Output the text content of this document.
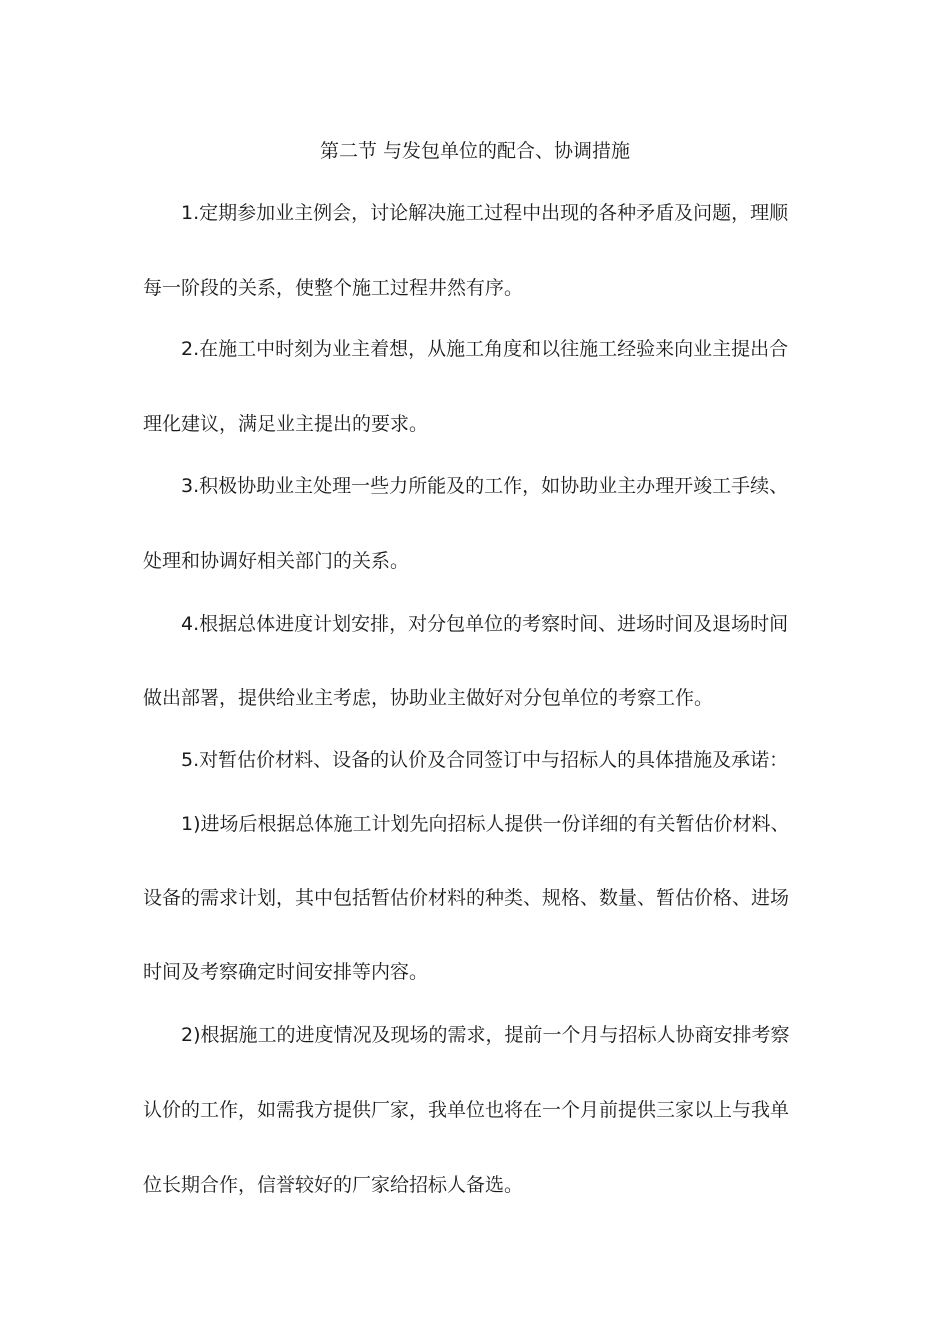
第二节 与发包单位的配合、协调措施
1.定期参加业主例会，讨论解决施工过程中出现的各种矛盾及问题，理顺
每一阶段的关系，使整个施工过程井然有序。
2.在施工中时刻为业主着想，从施工角度和以往施工经验来向业主提出合
理化建议，满足业主提出的要求。
3.积极协助业主处理一些力所能及的工作，如协助业主办理开竣工手续、
处理和协调好相关部门的关系。
4.根据总体进度计划安排，对分包单位的考察时间、进场时间及退场时间
做出部署，提供给业主考虑，协助业主做好对分包单位的考察工作。
5.对暂估价材料、设备的认价及合同签订中与招标人的具体措施及承诺：
1)进场后根据总体施工计划先向招标人提供一份详细的有关暂估价材料、
设备的需求计划，其中包括暂估价材料的种类、规格、数量、暂估价格、进场
时间及考察确定时间安排等内容。
2)根据施工的进度情况及现场的需求，提前一个月与招标人协商安排考察
认价的工作，如需我方提供厂家，我单位也将在一个月前提供三家以上与我单
位长期合作，信誉较好的厂家给招标人备选。
